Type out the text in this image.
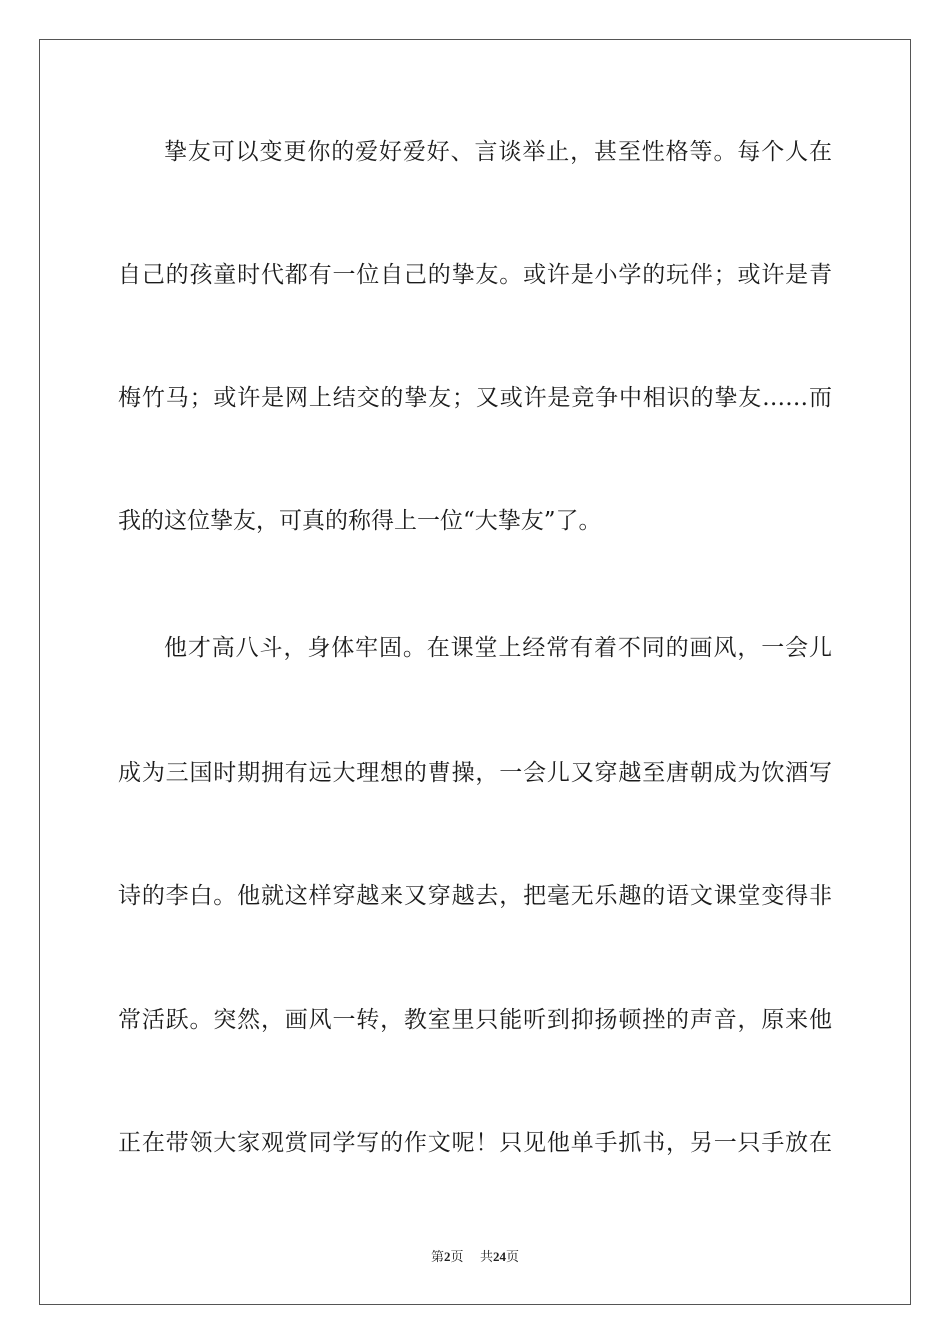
挚友可以变更你的爱好爱好、言谈举止，甚至性格等。每个人在
自己的孩童时代都有一位自己的挚友。或许是小学的玩伴；或许是青
梅竹马；或许是网上结交的挚友；又或许是竞争中相识的挚友……而
我的这位挚友，可真的称得上一位“大挚友”了。
他才高八斗，身体牢固。在课堂上经常有着不同的画风，一会儿
成为三国时期拥有远大理想的曹操，一会儿又穿越至唐朝成为饮酒写
诗的李白。他就这样穿越来又穿越去，把毫无乐趣的语文课堂变得非
常活跃。突然，画风一转，教室里只能听到抑扬顿挫的声音，原来他
正在带领大家观赏同学写的作文呢！只见他单手抓书，另一只手放在
第2页 共24页
